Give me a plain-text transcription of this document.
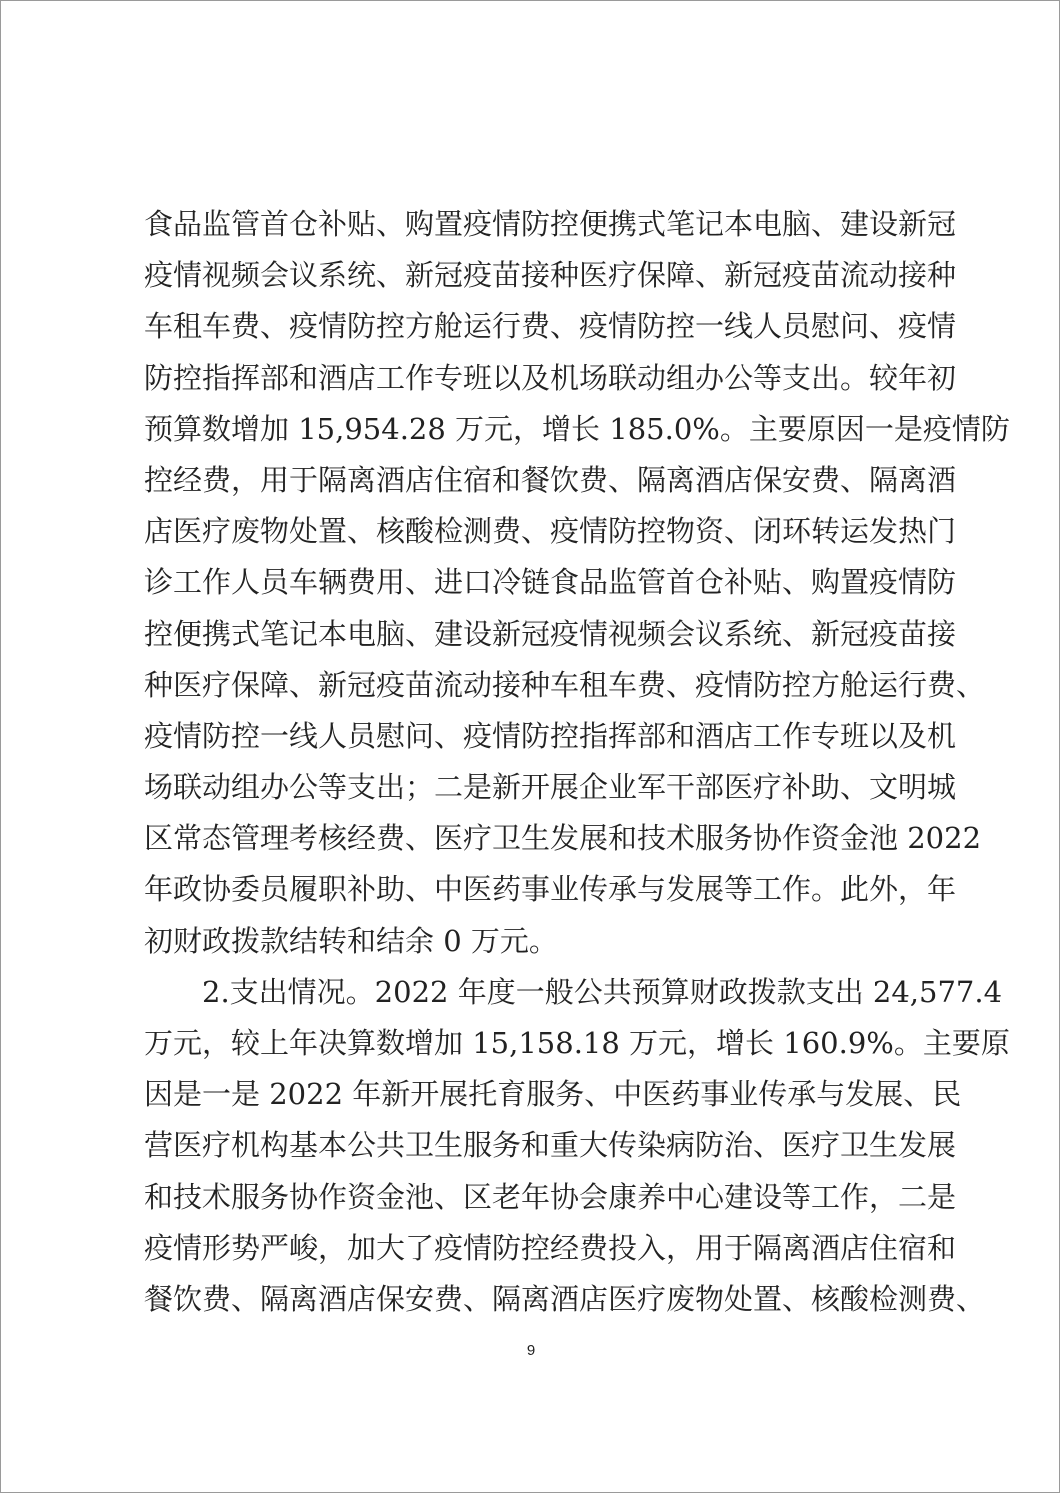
食品监管首仓补贴、购置疫情防控便携式笔记本电脑、建设新冠
疫情视频会议系统、新冠疫苗接种医疗保障、新冠疫苗流动接种
车租车费、疫情防控方舱运行费、疫情防控一线人员慰问、疫情
防控指挥部和酒店工作专班以及机场联动组办公等支出。较年初
预算数增加 15,954.28 万元，增长 185.0%。主要原因一是疫情防
控经费，用于隔离酒店住宿和餐饮费、隔离酒店保安费、隔离酒
店医疗废物处置、核酸检测费、疫情防控物资、闭环转运发热门
诊工作人员车辆费用、进口冷链食品监管首仓补贴、购置疫情防
控便携式笔记本电脑、建设新冠疫情视频会议系统、新冠疫苗接
种医疗保障、新冠疫苗流动接种车租车费、疫情防控方舱运行费、
疫情防控一线人员慰问、疫情防控指挥部和酒店工作专班以及机
场联动组办公等支出；二是新开展企业军干部医疗补助、文明城
区常态管理考核经费、医疗卫生发展和技术服务协作资金池 2022
年政协委员履职补助、中医药事业传承与发展等工作。此外，年
初财政拨款结转和结余 0 万元。
2.支出情况。2022 年度一般公共预算财政拨款支出 24,577.4
万元，较上年决算数增加 15,158.18 万元，增长 160.9%。主要原
因是一是 2022 年新开展托育服务、中医药事业传承与发展、民
营医疗机构基本公共卫生服务和重大传染病防治、医疗卫生发展
和技术服务协作资金池、区老年协会康养中心建设等工作，二是
疫情形势严峻，加大了疫情防控经费投入，用于隔离酒店住宿和
餐饮费、隔离酒店保安费、隔离酒店医疗废物处置、核酸检测费、
9
